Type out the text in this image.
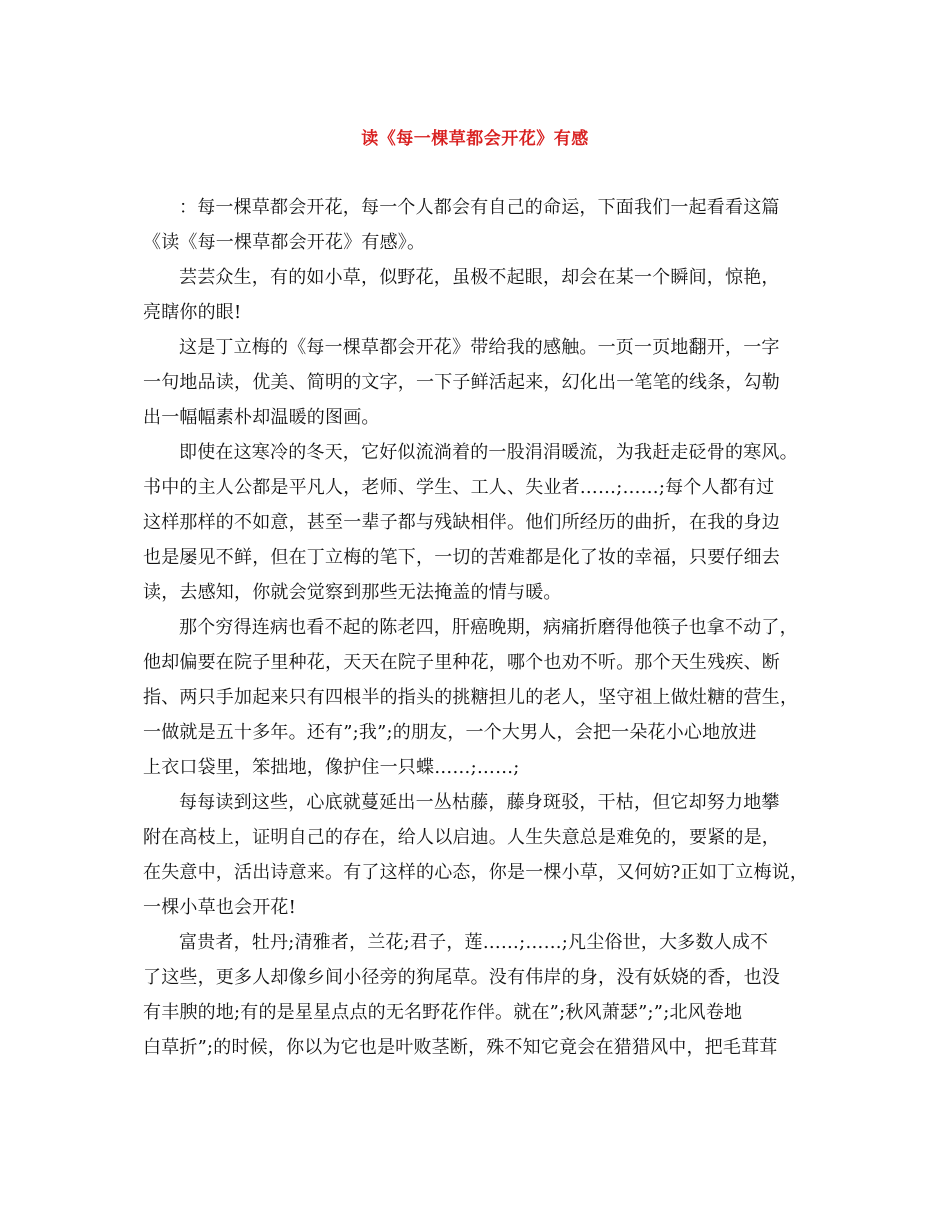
读《每一棵草都会开花》有感
：每一棵草都会开花，每一个人都会有自己的命运，下面我们一起看看这篇
《读《每一棵草都会开花》有感》。
芸芸众生，有的如小草，似野花，虽极不起眼，却会在某一个瞬间，惊艳，
亮瞎你的眼!
这是丁立梅的《每一棵草都会开花》带给我的感触。一页一页地翻开，一字
一句地品读，优美、简明的文字，一下子鲜活起来，幻化出一笔笔的线条，勾勒
出一幅幅素朴却温暖的图画。
即使在这寒冷的冬天，它好似流淌着的一股涓涓暖流，为我赶走砭骨的寒风。
书中的主人公都是平凡人，老师、学生、工人、失业者……;……;每个人都有过
这样那样的不如意，甚至一辈子都与残缺相伴。他们所经历的曲折，在我的身边
也是屡见不鲜，但在丁立梅的笔下，一切的苦难都是化了妆的幸福，只要仔细去
读，去感知，你就会觉察到那些无法掩盖的情与暖。
那个穷得连病也看不起的陈老四，肝癌晚期，病痛折磨得他筷子也拿不动了，
他却偏要在院子里种花，天天在院子里种花，哪个也劝不听。那个天生残疾、断
指、两只手加起来只有四根半的指头的挑糖担儿的老人，坚守祖上做灶糖的营生，
一做就是五十多年。还有”;我”;的朋友，一个大男人，会把一朵花小心地放进
上衣口袋里，笨拙地，像护住一只蝶……;……;
每每读到这些，心底就蔓延出一丛枯藤，藤身斑驳，干枯，但它却努力地攀
附在高枝上，证明自己的存在，给人以启迪。人生失意总是难免的，要紧的是，
在失意中，活出诗意来。有了这样的心态，你是一棵小草，又何妨?正如丁立梅说，
一棵小草也会开花!
富贵者，牡丹;清雅者，兰花;君子，莲……;……;凡尘俗世，大多数人成不
了这些，更多人却像乡间小径旁的狗尾草。没有伟岸的身，没有妖娆的香，也没
有丰腴的地;有的是星星点点的无名野花作伴。就在”;秋风萧瑟”;”;北风卷地
白草折”;的时候，你以为它也是叶败茎断，殊不知它竟会在猎猎风中，把毛茸茸
